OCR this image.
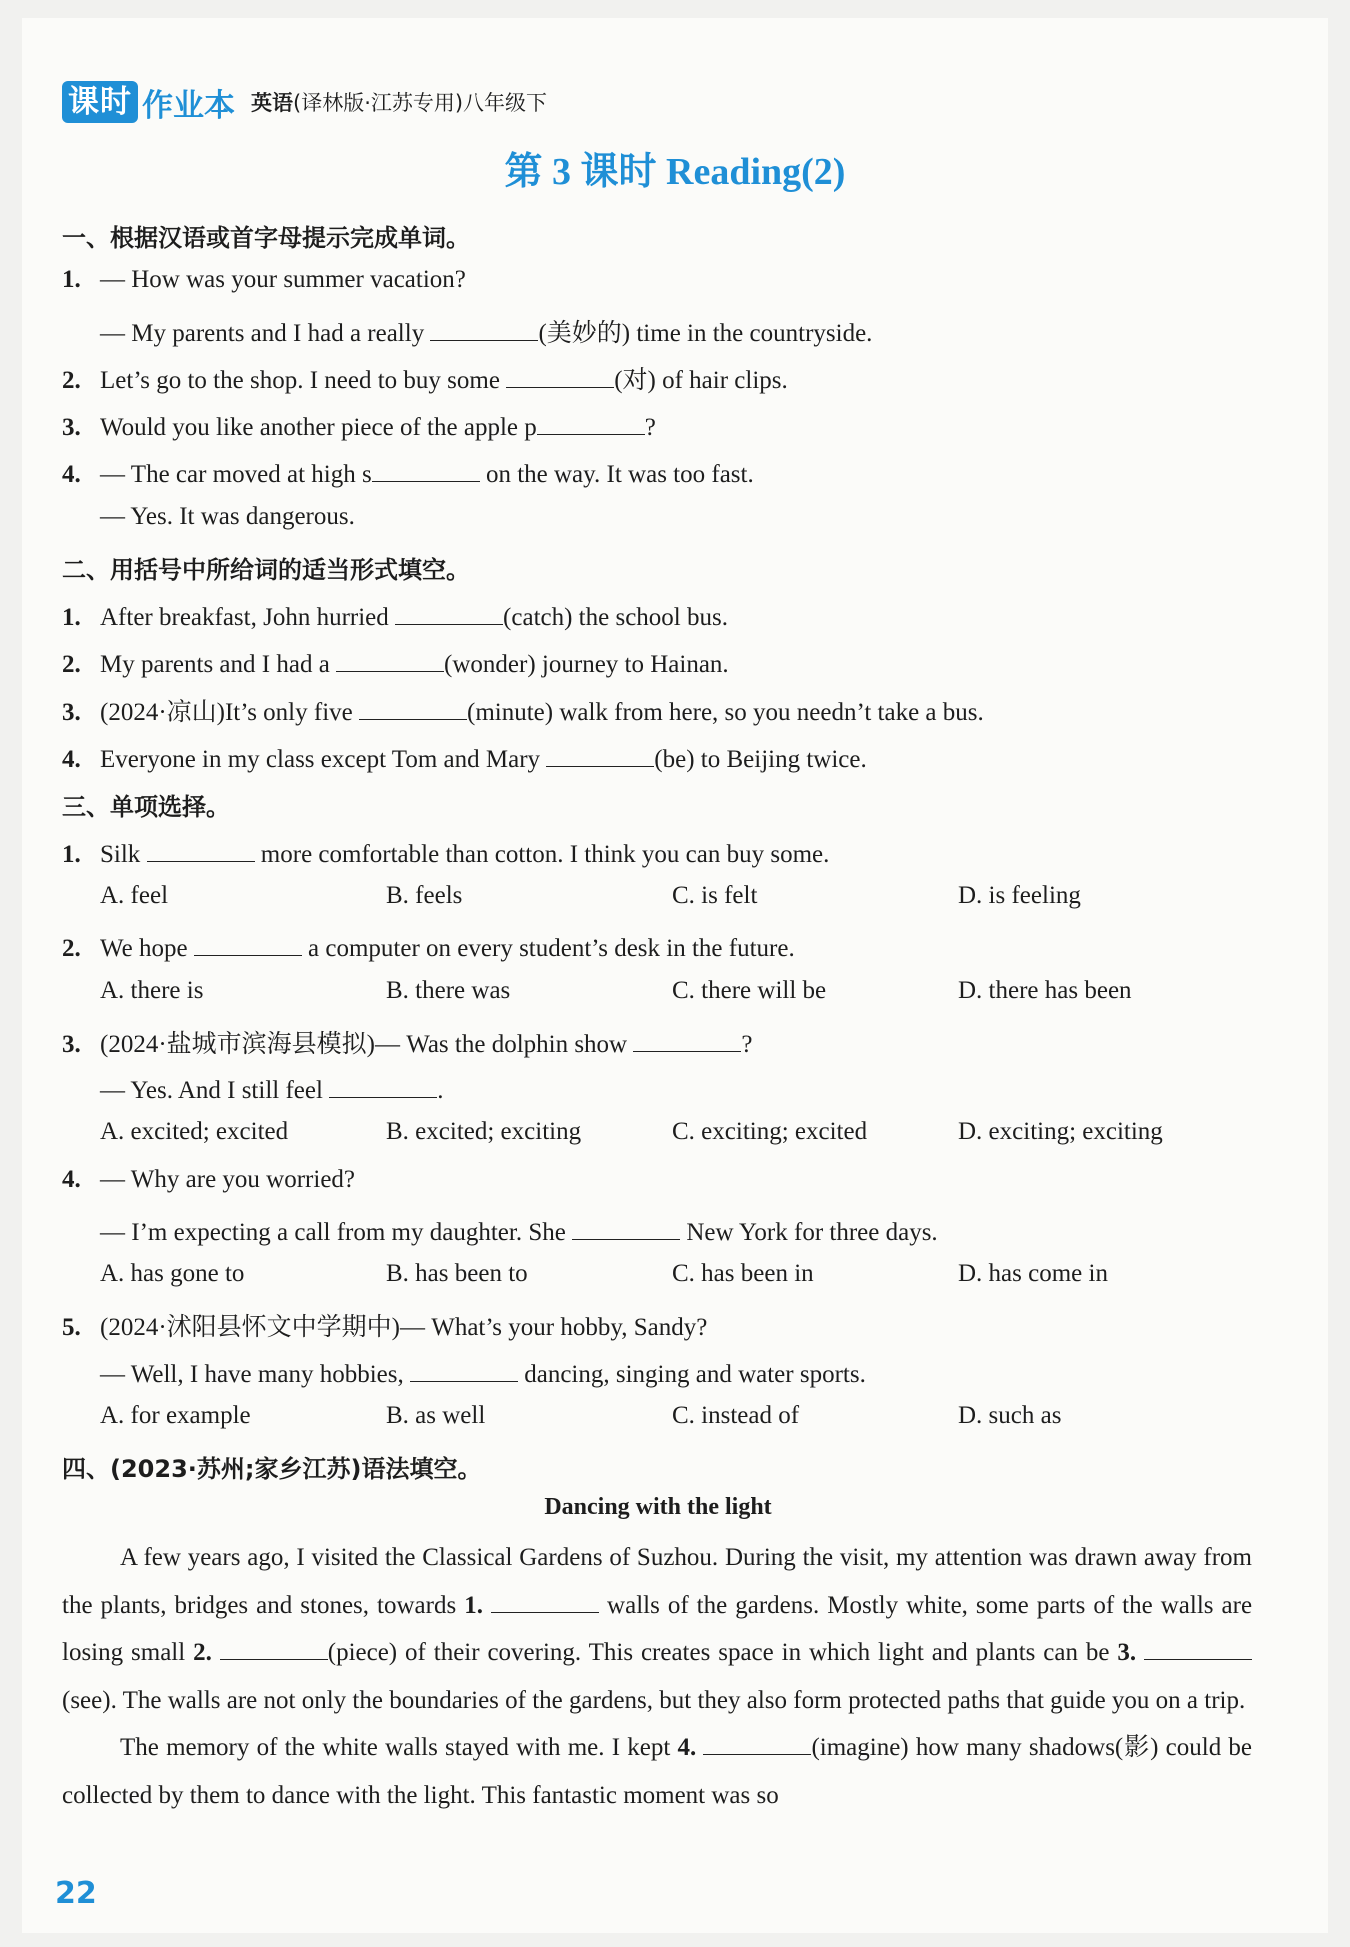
课时 作业本 英语(译林版·江苏专用)八年级下
第 3 课时 Reading(2)
一、根据汉语或首字母提示完成单词。
1. — How was your summer vacation?
— My parents and I had a really	(美妙的) time in the countryside.
2. Let’s go to the shop. I need to buy some	(对) of hair clips.
3. Would you like another piece of the apple p	?
4. — The car moved at high s	on the way. It was too fast.
— Yes. It was dangerous.
二、用括号中所给词的适当形式填空。
1. After breakfast, John hurried	(catch) the school bus.
2. My parents and I had a	(wonder) journey to Hainan.
3. (2024·凉山)It’s only five	(minute) walk from here, so you needn’t take a bus.
4. Everyone in my class except Tom and Mary	(be) to Beijing twice.
三、单项选择。
1. Silk	more comfortable than cotton. I think you can buy some.
A. feel	B. feels	C. is felt	D. is feeling
2. We hope	a computer on every student’s desk in the future.
A. there is	B. there was	C. there will be	D. there has been
3. (2024·盐城市滨海县模拟)— Was the dolphin show	?
— Yes. And I still feel	.
A. excited; excited	B. excited; exciting	C. exciting; excited	D. exciting; exciting
4. — Why are you worried?
— I’m expecting a call from my daughter. She	New York for three days.
A. has gone to	B. has been to	C. has been in	D. has come in
5. (2024·沭阳县怀文中学期中)— What’s your hobby, Sandy?
— Well, I have many hobbies,	dancing, singing and water sports.
A. for example	B. as well	C. instead of	D. such as
四、(2023·苏州;家乡江苏)语法填空。
Dancing with the light
A few years ago, I visited the Classical Gardens of Suzhou. During the visit, my attention was drawn away from the plants, bridges and stones, towards 1.	walls of the gardens. Mostly white, some parts of the walls are losing small 2.	(piece) of their covering. This creates space in which light and plants can be 3. (see). The walls are not only the boundaries of the gardens, but they also form protected paths that guide you on a trip.
The memory of the white walls stayed with me. I kept 4.	(imagine) how many shadows(影) could be collected by them to dance with the light. This fantastic moment was so
22
